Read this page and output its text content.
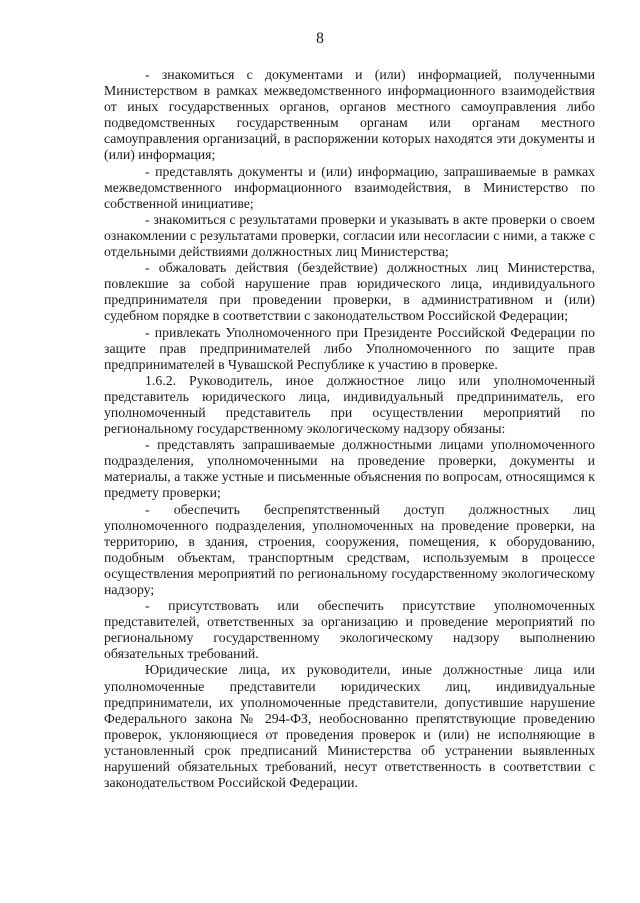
8

- знакомиться с документами и (или) информацией, полученными Министерством в рамках межведомственного информационного взаимодействия от иных государственных органов, органов местного самоуправления либо подведомственных государственным органам или органам местного самоуправления организаций, в распоряжении которых находятся эти документы и (или) информация;

- представлять документы и (или) информацию, запрашиваемые в рамках межведомственного информационного взаимодействия, в Министерство по собственной инициативе;

- знакомиться с результатами проверки и указывать в акте проверки о своем ознакомлении с результатами проверки, согласии или несогласии с ними, а также с отдельными действиями должностных лиц Министерства;

- обжаловать действия (бездействие) должностных лиц Министерства, повлекшие за собой нарушение прав юридического лица, индивидуального предпринимателя при проведении проверки, в административном и (или) судебном порядке в соответствии с законодательством Российской Федерации;

- привлекать Уполномоченного при Президенте Российской Федерации по защите прав предпринимателей либо Уполномоченного по защите прав предпринимателей в Чувашской Республике к участию в проверке.

1.6.2. Руководитель, иное должностное лицо или уполномоченный представитель юридического лица, индивидуальный предприниматель, его уполномоченный представитель при осуществлении мероприятий по региональному государственному экологическому надзору обязаны:

- представлять запрашиваемые должностными лицами уполномоченного подразделения, уполномоченными на проведение проверки, документы и материалы, а также устные и письменные объяснения по вопросам, относящимся к предмету проверки;

- обеспечить беспрепятственный доступ должностных лиц уполномоченного подразделения, уполномоченных на проведение проверки, на территорию, в здания, строения, сооружения, помещения, к оборудованию, подобным объектам, транспортным средствам, используемым в процессе осуществления мероприятий по региональному государственному экологическому надзору;

- присутствовать или обеспечить присутствие уполномоченных представителей, ответственных за организацию и проведение мероприятий по региональному государственному экологическому надзору выполнению обязательных требований.

Юридические лица, их руководители, иные должностные лица или уполномоченные представители юридических лиц, индивидуальные предприниматели, их уполномоченные представители, допустившие нарушение Федерального закона № 294-ФЗ, необоснованно препятствующие проведению проверок, уклоняющиеся от проведения проверок и (или) не исполняющие в установленный срок предписаний Министерства об устранении выявленных нарушений обязательных требований, несут ответственность в соответствии с законодательством Российской Федерации.
